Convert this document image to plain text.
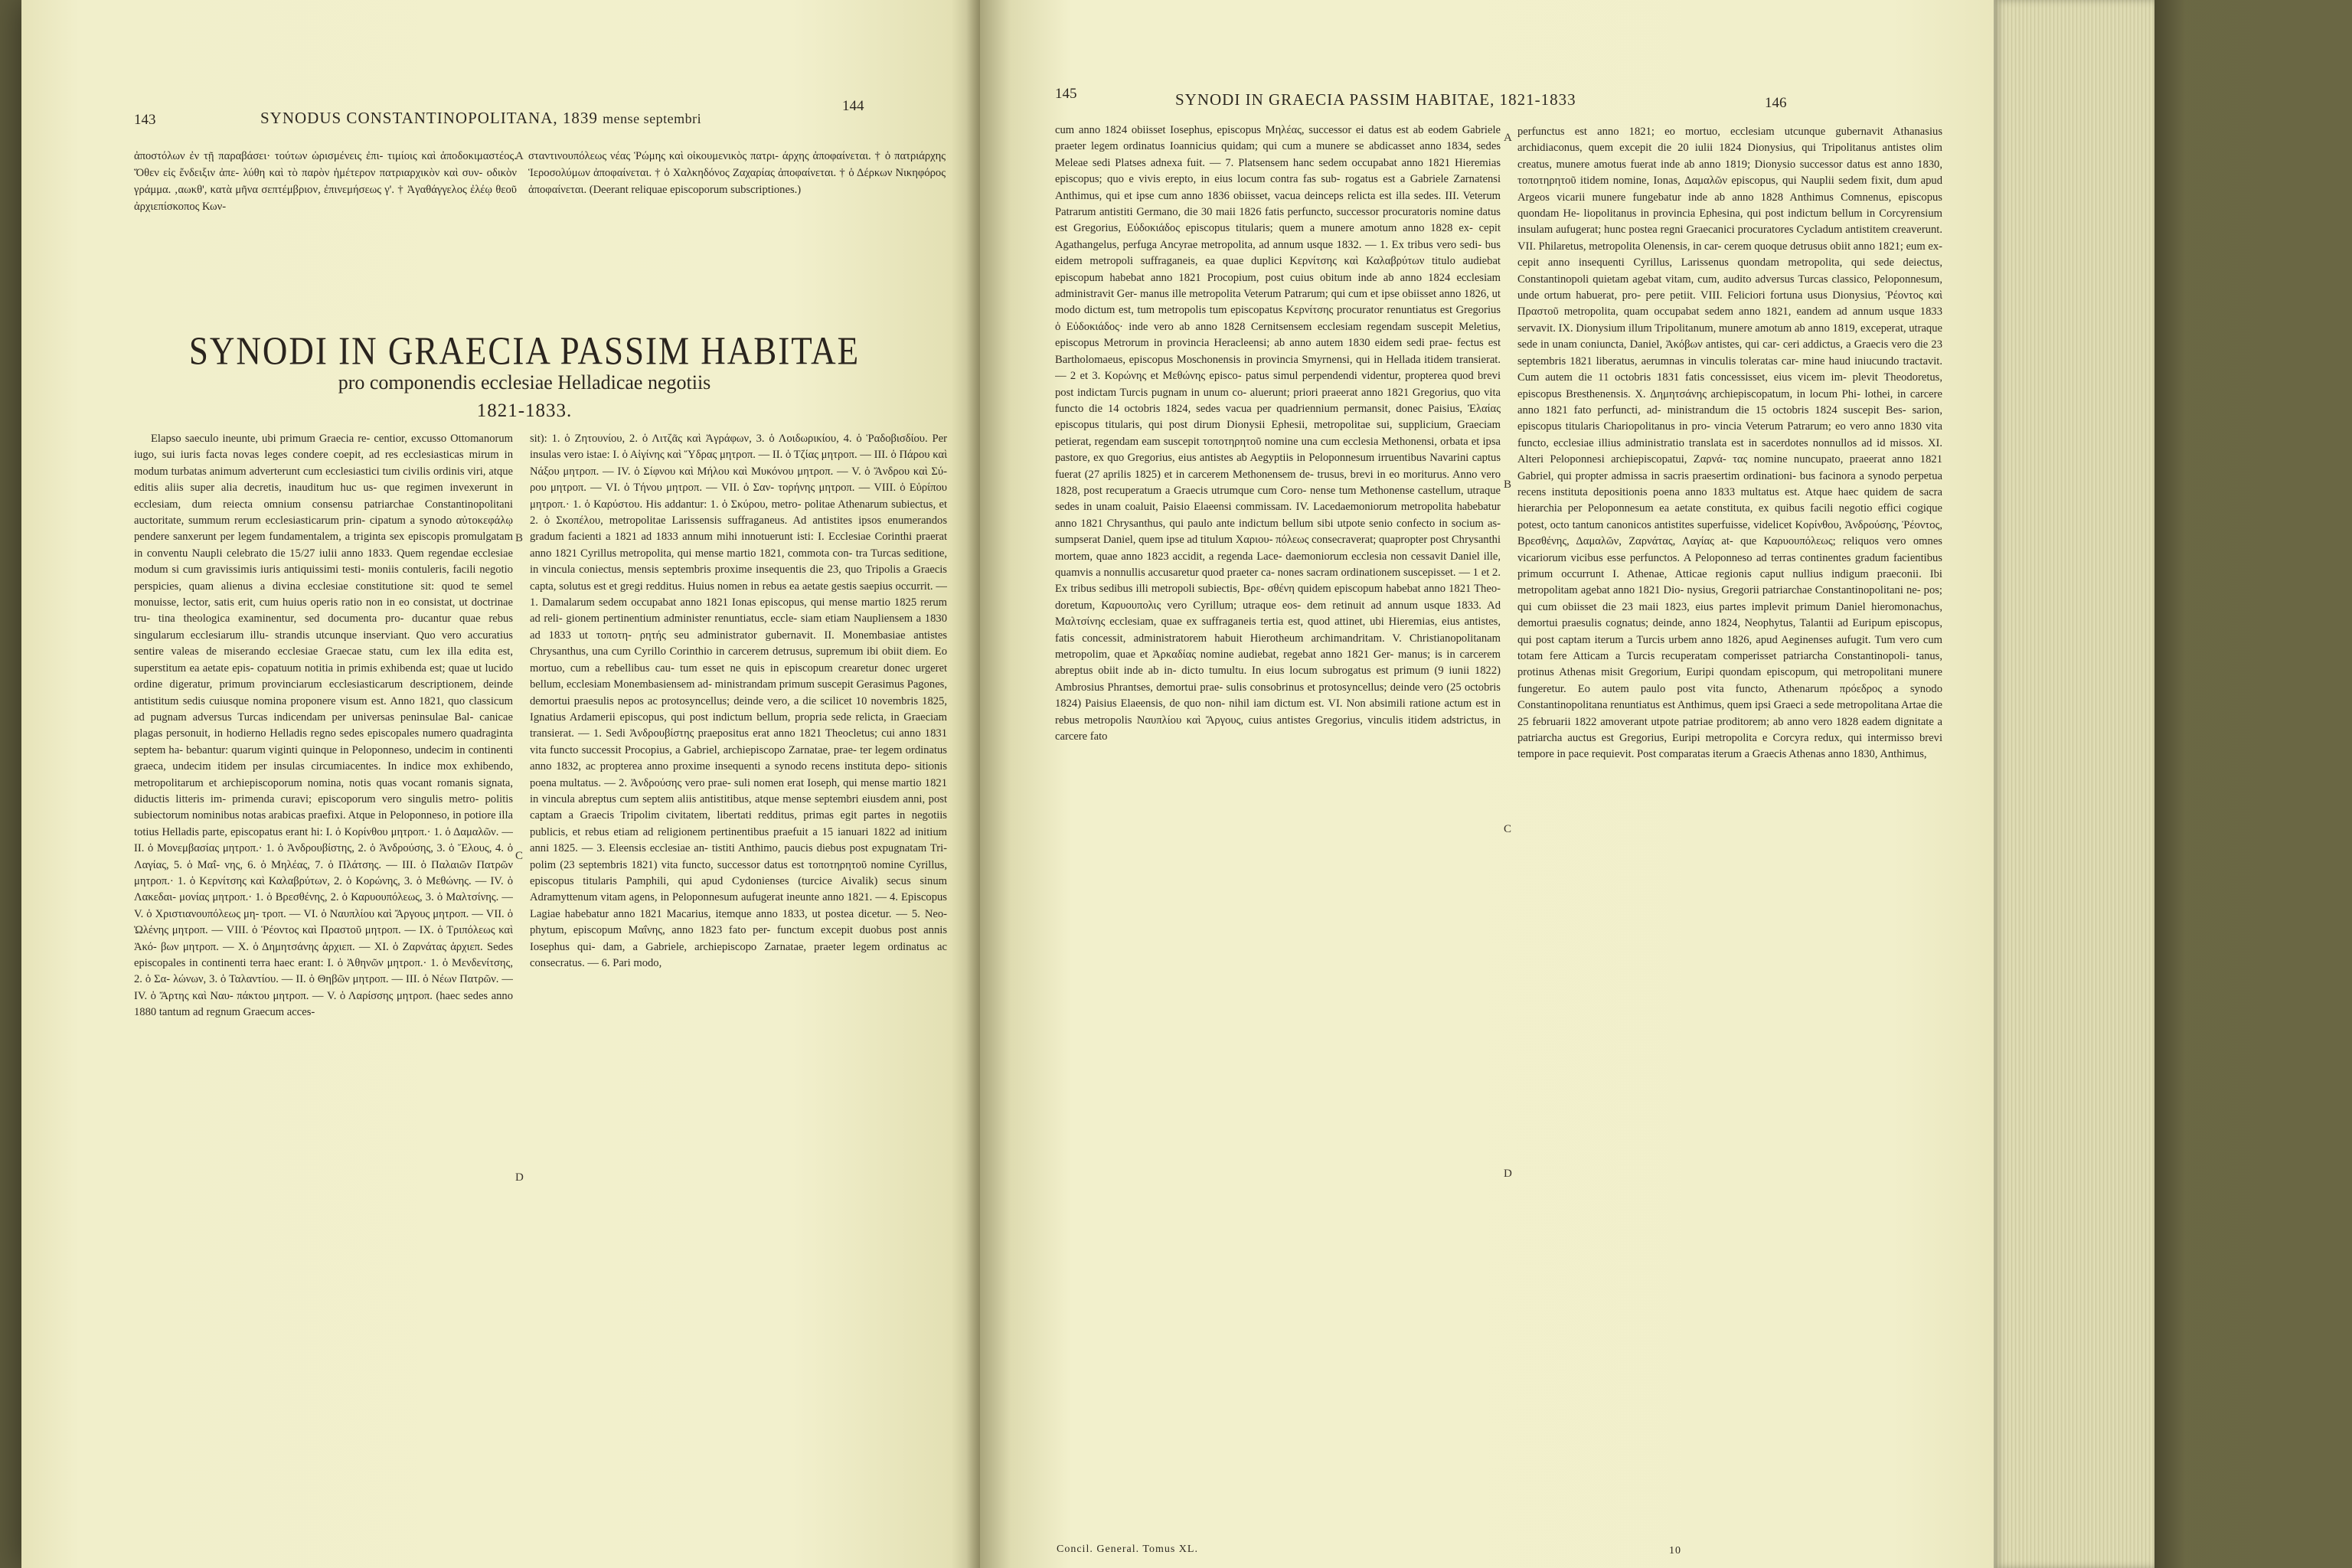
143	SYNODUS CONSTANTINOPOLITANA, 1839 mense septembri
144

ἀποστόλων ἐν τῇ παραβάσει· τούτων ὡρισμένεις ἐπι- τιμίοις καὶ ἀποδοκιμαστέος. Ὅθεν εἰς ἔνδειξιν ἀπε- λύθη καὶ τὸ παρὸν ἡμέτερον πατριαρχικὸν καὶ συν- οδικὸν γράμμα. ‚αωκθ', κατὰ μῆνα σεπτέμβριον, ἐπινεμήσεως γ'. † Ἀγαθάγγελος ἐλέῳ θεοῦ ἀρχιεπίσκοπος Κων-

σταντινουπόλεως νέας Ῥώμης καὶ οἰκουμενικὸς πατρι- άρχης ἀποφαίνεται. † ὁ πατριάρχης Ἱεροσολύμων ἀποφαίνεται. † ὁ Χαλκηδόνος Ζαχαρίας ἀποφαίνεται. † ὁ Δέρκων Νικηφόρος ἀποφαίνεται. (Deerant reliquae episcoporum subscriptiones.)

SYNODI IN GRAECIA PASSIM HABITAE
pro componendis ecclesiae Helladicae negotiis
1821-1833.

Elapso saeculo ineunte, ubi primum Graecia re- centior, excusso Ottomanorum iugo, sui iuris facta novas leges condere coepit, ad res ecclesiasticas mirum in modum turbatas animum adverterunt cum ecclesiastici tum civilis ordinis viri, atque editis aliis super alia decretis, inauditum huc us- que regimen invexerunt in ecclesiam, dum reiecta omnium consensu patriarchae Constantinopolitani auctoritate, summum rerum ecclesiasticarum prin- cipatum a synodo αὐτοκεφάλῳ pendere sanxerunt per legem fundamentalem, a triginta sex episcopis promulgatam in conventu Naupli celebrato die 15/27 iulii anno 1833. Quem regendae ecclesiae modum si cum gravissimis iuris antiquissimi testi- moniis contuleris, facili negotio perspicies, quam alienus a divina ecclesiae constitutione sit: quod te semel monuisse, lector, satis erit, cum huius operis ratio non in eo consistat, ut doctrinae tru- tina theologica examinentur, sed documenta pro- ducantur quae rebus singularum ecclesiarum illu- strandis utcunque inserviant. Quo vero accuratius sentire valeas de miserando ecclesiae Graecae statu, cum lex illa edita est, superstitum ea aetate epis- copatuum notitia in primis exhibenda est; quae ut lucido ordine digeratur, primum provinciarum ecclesiasticarum descriptionem, deinde antistitum sedis cuiusque nomina proponere visum est. Anno 1821, quo classicum ad pugnam adversus Turcas indicendam per universas peninsulae Bal- canicae plagas personuit, in hodierno Helladis regno sedes episcopales numero quadraginta septem ha- bebantur: quarum viginti quinque in Peloponneso, undecim in continenti graeca, undecim itidem per insulas circumiacentes. In indice mox exhibendo, metropolitarum et archiepiscoporum nomina, notis quas vocant romanis signata, diductis litteris im- primenda curavi; episcoporum vero singulis metro- politis subiectorum nominibus notas arabicas praefixi. Atque in Peloponneso, in potiore illa totius Helladis parte, episcopatus erant hi: I. ὁ Κορίνθου μητροπ.· 1. ὁ Δαμαλῶν. — II. ὁ Μονεμβασίας μητροπ.· 1. ὁ Ἀνδρουβίστης, 2. ὁ Ἀνδρούσης, 3. ὁ Ἕλους, 4. ὁ Λαγίας, 5. ὁ Μαΐ- νης, 6. ὁ Μηλέας, 7. ὁ Πλάτσης. — III. ὁ Παλαιῶν Πατρῶν μητροπ.· 1. ὁ Κερνίτσης καὶ Καλαβρύτων, 2. ὁ Κορώνης, 3. ὁ Μεθώνης. — IV. ὁ Λακεδαι- μονίας μητροπ.· 1. ὁ Βρεσθένης, 2. ὁ Καρυουπόλεως, 3. ὁ Μαλτσίνης. — V. ὁ Χριστιανουπόλεως μη- τροπ. — VI. ὁ Ναυπλίου καὶ Ἄργους μητροπ. — VII. ὁ Ὠλένης μητροπ. — VIII. ὁ Ῥέοντος καὶ Πραστοῦ μητροπ. — IX. ὁ Τριπόλεως καὶ Ἀκό- βων μητροπ. — X. ὁ Δημητσάνης ἀρχιεπ. — XI. ὁ Ζαρνάτας ἀρχιεπ. Sedes episcopales in continenti terra haec erant: I. ὁ Ἀθηνῶν μητροπ.· 1. ὁ Μενδενίτσης, 2. ὁ Σα- λώνων, 3. ὁ Ταλαντίου. — II. ὁ Θηβῶν μητροπ. — III. ὁ Νέων Πατρῶν. — IV. ὁ Ἄρτης καὶ Ναυ- πάκτου μητροπ. — V. ὁ Λαρίσσης μητροπ. (haec sedes anno 1880 tantum ad regnum Graecum acces-

sit): 1. ὁ Ζητουνίου, 2. ὁ Λιτζᾶς καὶ Ἀγράφων, 3. ὁ Λοιδωρικίου, 4. ὁ Ῥαδοβισδίου. Per insulas vero istae: I. ὁ Αἰγίνης καὶ Ὕδρας μητροπ. — II. ὁ Τζίας μητροπ. — III. ὁ Πάρου καὶ Νάξου μητροπ. — IV. ὁ Σίφνου καὶ Μήλου καὶ Μυκόνου μητροπ. — V. ὁ Ἄνδρου καὶ Σύ- ρου μητροπ. — VI. ὁ Τήνου μητροπ. — VII. ὁ Σαν- τορήνης μητροπ. — VIII. ὁ Εὐρίπου μητροπ.· 1. ὁ Καρύστου. His addantur: 1. ὁ Σκύρου, metro- politae Athenarum subiectus, et 2. ὁ Σκοπέλου, metropolitae Larissensis suffraganeus. Ad antistites ipsos enumerandos gradum facienti a 1821 ad 1833 annum mihi innotuerunt isti: I. Ecclesiae Corinthi praerat anno 1821 Cyrillus metropolita, qui mense martio 1821, commota con- tra Turcas seditione, in vincula coniectus, mensis septembris proxime insequentis die 23, quo Tripolis a Graecis capta, solutus est et gregi redditus. Huius nomen in rebus ea aetate gestis saepius occurrit. — 1. Damalarum sedem occupabat anno 1821 Ionas episcopus, qui mense martio 1825 rerum ad reli- gionem pertinentium administer renuntiatus, eccle- siam etiam Naupliensem a 1830 ad 1833 ut τοποτη- ρητής seu administrator gubernavit. II. Monembasiae antistes Chrysanthus, una cum Cyrillo Corinthio in carcerem detrusus, supremum ibi obiit diem. Eo mortuo, cum a rebellibus cau- tum esset ne quis in episcopum crearetur donec urgeret bellum, ecclesiam Monembasiensem ad- ministrandam primum suscepit Gerasimus Pagones, demortui praesulis nepos ac protosyncellus; deinde vero, a die scilicet 10 novembris 1825, Ignatius Ardamerii episcopus, qui post indictum bellum, propria sede relicta, in Graeciam transierat. — 1. Sedi Ἀνδρουβίστης praepositus erat anno 1821 Theocletus; cui anno 1831 vita functo successit Procopius, a Gabriel, archiepiscopo Zarnatae, prae- ter legem ordinatus anno 1832, ac propterea anno proxime insequenti a synodo recens instituta depo- sitionis poena multatus. — 2. Ἀνδρούσης vero prae- suli nomen erat Ioseph, qui mense martio 1821 in vincula abreptus cum septem aliis antistitibus, atque mense septembri eiusdem anni, post captam a Graecis Tripolim civitatem, libertati redditus, primas egit partes in negotiis publicis, et rebus etiam ad religionem pertinentibus praefuit a 15 ianuari 1822 ad initium anni 1825. — 3. Eleensis ecclesiae an- tistiti Anthimo, paucis diebus post expugnatam Tri- polim (23 septembris 1821) vita functo, successor datus est τοποτηρητοῦ nomine Cyrillus, episcopus titularis Pamphili, qui apud Cydonienses (turcice Aivalik) secus sinum Adramyttenum vitam agens, in Peloponnesum aufugerat ineunte anno 1821. — 4. Episcopus Lagiae habebatur anno 1821 Macarius, itemque anno 1833, ut postea dicetur. — 5. Neo- phytum, episcopum Μαΐνης, anno 1823 fato per- functum excepit duobus post annis Iosephus qui- dam, a Gabriele, archiepiscopo Zarnatae, praeter legem ordinatus ac consecratus. — 6. Pari modo,

A
B
C
D
145	SYNODI IN GRAECIA PASSIM HABITAE, 1821-1833	146

cum anno 1824 obiisset Iosephus, episcopus Μηλέας, successor ei datus est ab eodem Gabriele praeter legem ordinatus Ioannicius quidam; qui cum a munere se abdicasset anno 1834, sedes Meleae sedi Platses adnexa fuit. — 7. Platsensem hanc sedem occupabat anno 1821 Hieremias episcopus; quo e vivis erepto, in eius locum contra fas sub- rogatus est a Gabriele Zarnatensi Anthimus, qui et ipse cum anno 1836 obiisset, vacua deinceps relicta est illa sedes. III. Veterum Patrarum antistiti Germano, die 30 maii 1826 fatis perfuncto, successor procuratoris nomine datus est Gregorius, Εὐδοκιάδος episcopus titularis; quem a munere amotum anno 1828 ex- cepit Agathangelus, perfuga Ancyrae metropolita, ad annum usque 1832. — 1. Ex tribus vero sedi- bus eidem metropoli suffraganeis, ea quae duplici Κερνίτσης καὶ Καλαβρύτων titulo audiebat episcopum habebat anno 1821 Procopium, post cuius obitum inde ab anno 1824 ecclesiam administravit Ger- manus ille metropolita Veterum Patrarum; qui cum et ipse obiisset anno 1826, ut modo dictum est, tum metropolis tum episcopatus Κερνίτσης procurator renuntiatus est Gregorius ὁ Εὐδοκιάδος· inde vero ab anno 1828 Cernitsensem ecclesiam regendam suscepit Meletius, episcopus Metrorum in provincia Heracleensi; ab anno autem 1830 eidem sedi prae- fectus est Bartholomaeus, episcopus Moschonensis in provincia Smyrnensi, qui in Hellada itidem transierat. — 2 et 3. Κορώνης et Μεθώνης episco- patus simul perpendendi videntur, propterea quod brevi post indictam Turcis pugnam in unum co- aluerunt; priori praeerat anno 1821 Gregorius, quo vita functo die 14 octobris 1824, sedes vacua per quadriennium permansit, donec Paisius, Ἐλαίας episcopus titularis, qui post dirum Dionysii Ephesii, metropolitae sui, supplicium, Graeciam petierat, regendam eam suscepit τοποτηρητοῦ nomine una cum ecclesia Methonensi, orbata et ipsa pastore, ex quo Gregorius, eius antistes ab Aegyptiis in Peloponnesum irruentibus Navarini captus fuerat (27 aprilis 1825) et in carcerem Methonensem de- trusus, brevi in eo moriturus. Anno vero 1828, post recuperatum a Graecis utrumque cum Coro- nense tum Methonense castellum, utraque sedes in unam coaluit, Paisio Elaeensi commissam. IV. Lacedaemoniorum metropolita habebatur anno 1821 Chrysanthus, qui paulo ante indictum bellum sibi utpote senio confecto in socium as- sumpserat Daniel, quem ipse ad titulum Χαριου- πόλεως consecraverat; quapropter post Chrysanthi mortem, quae anno 1823 accidit, a regenda Lace- daemoniorum ecclesia non cessavit Daniel ille, quamvis a nonnullis accusaretur quod praeter ca- nones sacram ordinationem suscepisset. — 1 et 2. Ex tribus sedibus illi metropoli subiectis, Βρε- σθένη quidem episcopum habebat anno 1821 Theo- doretum, Καρυουπολις vero Cyrillum; utraque eos- dem retinuit ad annum usque 1833. Ad Μαλτσίνης ecclesiam, quae ex suffraganeis tertia est, quod attinet, ubi Hieremias, eius antistes, fatis concessit, administratorem habuit Hierotheum archimandritam. V. Christianopolitanam metropolim, quae et Ἀρκαδίας nomine audiebat, regebat anno 1821 Ger- manus; is in carcerem abreptus obiit inde ab in- dicto tumultu. In eius locum subrogatus est primum (9 iunii 1822) Ambrosius Phrantses, demortui prae- sulis consobrinus et protosyncellus; deinde vero (25 octobris 1824) Paisius Elaeensis, de quo non- nihil iam dictum est. VI. Non absimili ratione actum est in rebus metropolis Ναυπλίου καὶ Ἄργους, cuius antistes Gregorius, vinculis itidem adstrictus, in carcere fato

perfunctus est anno 1821; eo mortuo, ecclesiam utcunque gubernavit Athanasius archidiaconus, quem excepit die 20 iulii 1824 Dionysius, qui Tripolitanus antistes olim creatus, munere amotus fuerat inde ab anno 1819; Dionysio successor datus est anno 1830, τοποτηρητοῦ itidem nomine, Ionas, Δαμαλῶν episcopus, qui Nauplii sedem fixit, dum apud Argeos vicarii munere fungebatur inde ab anno 1828 Anthimus Comnenus, episcopus quondam He- liopolitanus in provincia Ephesina, qui post indictum bellum in Corcyrensium insulam aufugerat; hunc postea regni Graecanici procuratores Cycladum antistitem creaverunt. VII. Philaretus, metropolita Olenensis, in car- cerem quoque detrusus obiit anno 1821; eum ex- cepit anno insequenti Cyrillus, Larissenus quondam metropolita, qui sede deiectus, Constantinopoli quietam agebat vitam, cum, audito adversus Turcas classico, Peloponnesum, unde ortum habuerat, pro- pere petiit. VIII. Feliciori fortuna usus Dionysius, Ῥέοντος καὶ Πραστοῦ metropolita, quam occupabat sedem anno 1821, eandem ad annum usque 1833 servavit. IX. Dionysium illum Tripolitanum, munere amotum ab anno 1819, exceperat, utraque sede in unam coniuncta, Daniel, Ἀκόβων antistes, qui car- ceri addictus, a Graecis vero die 23 septembris 1821 liberatus, aerumnas in vinculis toleratas car- mine haud iniucundo tractavit. Cum autem die 11 octobris 1831 fatis concessisset, eius vicem im- plevit Theodoretus, episcopus Bresthenensis. X. Δημητσάνης archiepiscopatum, in locum Phi- lothei, in carcere anno 1821 fato perfuncti, ad- ministrandum die 15 octobris 1824 suscepit Bes- sarion, episcopus titularis Chariopolitanus in pro- vincia Veterum Patrarum; eo vero anno 1830 vita functo, ecclesiae illius administratio translata est in sacerdotes nonnullos ad id missos. XI. Alteri Peloponnesi archiepiscopatui, Ζαρνά- τας nomine nuncupato, praeerat anno 1821 Gabriel, qui propter admissa in sacris praesertim ordinationi- bus facinora a synodo perpetua recens instituta depositionis poena anno 1833 multatus est. Atque haec quidem de sacra hierarchia per Peloponnesum ea aetate constituta, ex quibus facili negotio effici cogique potest, octo tantum canonicos antistites superfuisse, videlicet Κορίνθου, Ἀνδρούσης, Ῥέοντος, Βρεσθένης, Δαμαλῶν, Ζαρνάτας, Λαγίας at- que Καρυουπόλεως; reliquos vero omnes vicariorum vicibus esse perfunctos. A Peloponneso ad terras continentes gradum facientibus primum occurrunt I. Athenae, Atticae regionis caput nullius indigum praeconii. Ibi metropolitam agebat anno 1821 Dio- nysius, Gregorii patriarchae Constantinopolitani ne- pos; qui cum obiisset die 23 maii 1823, eius partes implevit primum Daniel hieromonachus, demortui praesulis cognatus; deinde, anno 1824, Neophytus, Talantii ad Euripum episcopus, qui post captam iterum a Turcis urbem anno 1826, apud Aeginenses aufugit. Tum vero cum totam fere Atticam a Turcis recuperatam comperisset patriarcha Constantinopoli- tanus, protinus Athenas misit Gregorium, Euripi quondam episcopum, qui metropolitani munere fungeretur. Eo autem paulo post vita functo, Athenarum πρόεδρος a synodo Constantinopolitana renuntiatus est Anthimus, quem ipsi Graeci a sede metropolitana Artae die 25 februarii 1822 amoverant utpote patriae proditorem; ab anno vero 1828 eadem dignitate a patriarcha auctus est Gregorius, Euripi metropolita e Corcyra redux, qui intermisso brevi tempore in pace requievit. Post comparatas iterum a Graecis Athenas anno 1830, Anthimus,

A
B
C
D
Concil. General. Tomus XL.	10
